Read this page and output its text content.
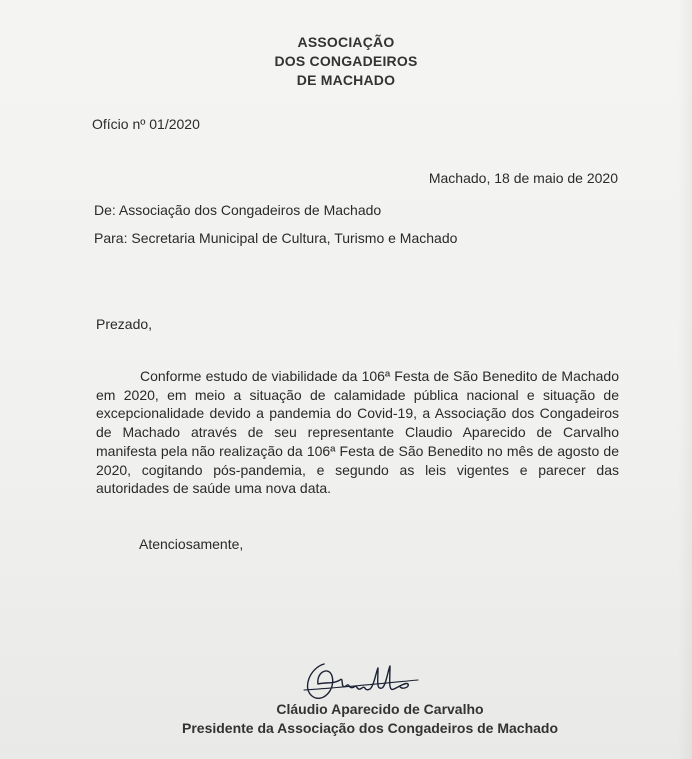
ASSOCIAÇÃO
DOS CONGADEIROS
DE MACHADO
Ofício nº 01/2020
Machado, 18 de maio de 2020
De: Associação dos Congadeiros de Machado
Para: Secretaria Municipal de Cultura, Turismo e Machado
Prezado,
Conforme estudo de viabilidade da 106ª Festa de São Benedito de Machado em 2020, em meio a situação de calamidade pública nacional e situação de excepcionalidade devido a pandemia do Covid-19, a Associação dos Congadeiros de Machado através de seu representante Claudio Aparecido de Carvalho manifesta pela não realização da 106ª Festa de São Benedito no mês de agosto de 2020, cogitando pós-pandemia, e segundo as leis vigentes e parecer das autoridades de saúde uma nova data.
Atenciosamente,
Cláudio Aparecido de Carvalho
Presidente da Associação dos Congadeiros de Machado
